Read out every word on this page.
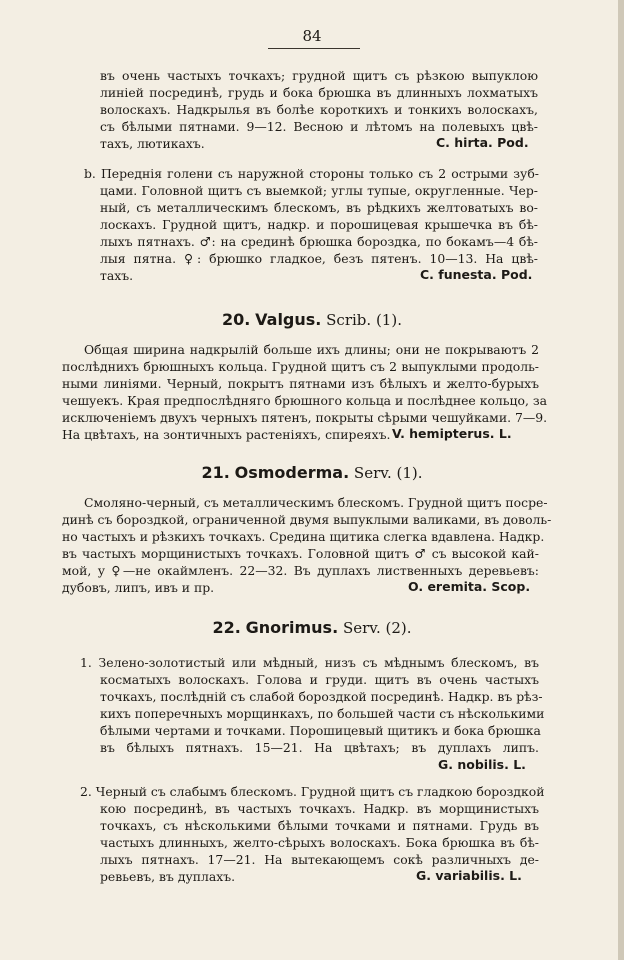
84
въ очень частыхъ точкахъ; грудной щитъ съ рѣзкою выпуклою
линіей посрединѣ, грудь и бока брюшка въ длинныхъ лохматыхъ
волоскахъ. Надкрылья въ болѣе короткихъ и тонкихъ волоскахъ,
съ бѣлыми пятнами. 9—12. Весною и лѣтомъ на полевыхъ цвѣ-
тахъ, лютикахъ.	C. hirta. Pod.
b. Переднія голени съ наружной стороны только съ 2 острыми зуб-
цами. Головной щитъ съ выемкой; углы тупые, округленные. Чер-
ный, съ металлическимъ блескомъ, въ рѣдкихъ желтоватыхъ во-
лоскахъ. Грудной щитъ, надкр. и порошицевая крышечка въ бѣ-
лыхъ пятнахъ. ♂: на срединѣ брюшка бороздка, по бокамъ—4 бѣ-
лыя пятна. ♀: брюшко гладкое, безъ пятенъ. 10—13. На цвѣ-
тахъ.	C. funesta. Pod.
20. Valgus. Scrib. (1).
Общая ширина надкрылій больше ихъ длины; они не покрываютъ 2
послѣднихъ брюшныхъ кольца. Грудной щитъ съ 2 выпуклыми продоль-
ными линіями. Черный, покрытъ пятнами изъ бѣлыхъ и желто-бурыхъ
чешуекъ. Края предпослѣдняго брюшного кольца и послѣднее кольцо, за
исключеніемъ двухъ черныхъ пятенъ, покрыты сѣрыми чешуйками. 7—9.
На цвѣтахъ, на зонтичныхъ растеніяхъ, спиреяхъ. V. hemipterus. L.
21. Osmoderma. Serv. (1).
Смоляно-черный, съ металлическимъ блескомъ. Грудной щитъ посре-
динѣ съ бороздкой, ограниченной двумя выпуклыми валиками, въ доволь-
но частыхъ и рѣзкихъ точкахъ. Средина щитика слегка вдавлена. Надкр.
въ частыхъ морщинистыхъ точкахъ. Головной щитъ ♂ съ высокой кай-
мой, у ♀—не окаймленъ. 22—32. Въ дуплахъ лиственныхъ деревьевъ:
дубовъ, липъ, ивъ и пр.	O. eremita. Scop.
22. Gnorimus. Serv. (2).
1. Зелено-золотистый или мѣдный, низъ съ мѣднымъ блескомъ, въ
косматыхъ волоскахъ. Голова и груди. щитъ въ очень частыхъ
точкахъ, послѣдній съ слабой бороздкой посрединѣ. Надкр. въ рѣз-
кихъ поперечныхъ морщинкахъ, по большей части съ нѣсколькими
бѣлыми чертами и точками. Порошицевый щитикъ и бока брюшка
въ бѣлыхъ пятнахъ. 15—21. На цвѣтахъ; въ дуплахъ липъ.
G. nobilis. L.
2. Черный съ слабымъ блескомъ. Грудной щитъ съ гладкою бороздкой
кою посрединѣ, въ частыхъ точкахъ. Надкр. въ морщинистыхъ
точкахъ, съ нѣсколькими бѣлыми точками и пятнами. Грудь въ
частыхъ длинныхъ, желто-сѣрыхъ волоскахъ. Бока брюшка въ бѣ-
лыхъ пятнахъ. 17—21. На вытекающемъ сокѣ различныхъ де-
ревьевъ, въ дуплахъ.	G. variabilis. L.
